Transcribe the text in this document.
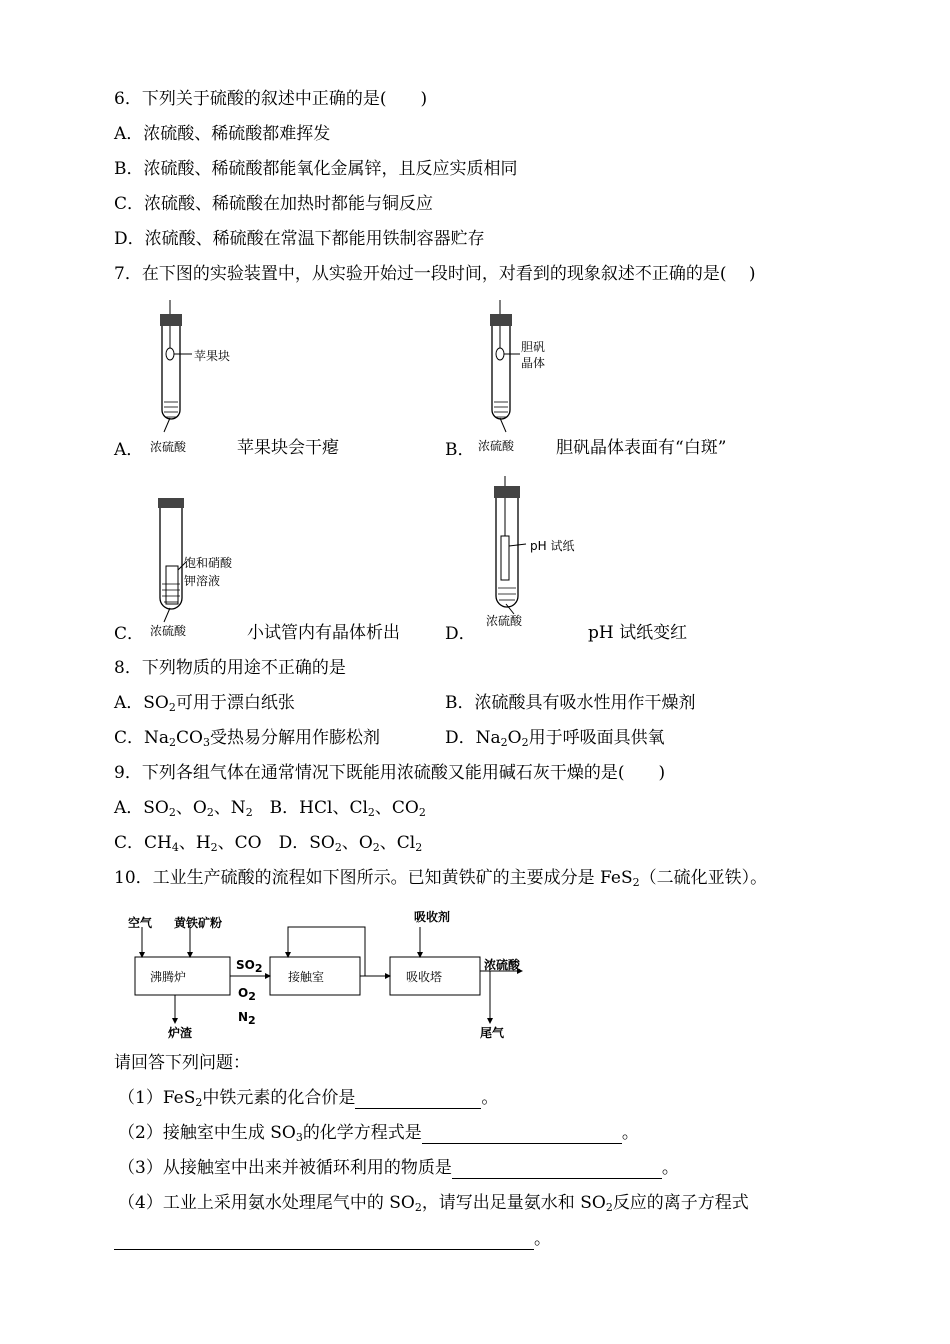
6．下列关于硫酸的叙述中正确的是(　　)
A．浓硫酸、稀硫酸都难挥发
B．浓硫酸、稀硫酸都能氧化金属锌，且反应实质相同
C．浓硫酸、稀硫酸在加热时都能与铜反应
D．浓硫酸、稀硫酸在常温下都能用铁制容器贮存
7．在下图的实验装置中，从实验开始过一段时间，对看到的现象叙述不正确的是(　 )
苹果块
浓硫酸
A．	苹果块会干瘪
胆矾
晶体
浓硫酸
B．	胆矾晶体表面有“白斑”
饱和硝酸
钾溶液
浓硫酸
C．	小试管内有晶体析出
pH 试纸
浓硫酸
D．	pH 试纸变红
8．下列物质的用途不正确的是
A．$SO_2$可用于漂白纸张	B．浓硫酸具有吸水性用作干燥剂
C．$Na_2CO_3$受热易分解用作膨松剂	D．$Na_2O_2$用于呼吸面具供氧
9．下列各组气体在通常情况下既能用浓硫酸又能用碱石灰干燥的是(　　)
A．$SO_2$、$O_2$、$N_2$　B．HCl、$Cl_2$、$CO_2$
C．$CH_4$、$H_2$、CO　D．$SO_2$、$O_2$、$Cl_2$
10．工业生产硫酸的流程如下图所示。已知黄铁矿的主要成分是 FeS$_2$（二硫化亚铁）。
空气 黄铁矿粉	吸收剂
沸腾炉	接触室	吸收塔
浓硫酸
$SO_2$
$O_2$
$N_2$
炉渣	尾气
请回答下列问题：
（1）FeS$_2$中铁元素的化合价是	。
（2）接触室中生成 $SO_3$的化学方程式是	。
（3）从接触室中出来并被循环利用的物质是	。
（4）工业上采用氨水处理尾气中的 $SO_2$，请写出足量氨水和 $SO_2$反应的离子方程式
。
